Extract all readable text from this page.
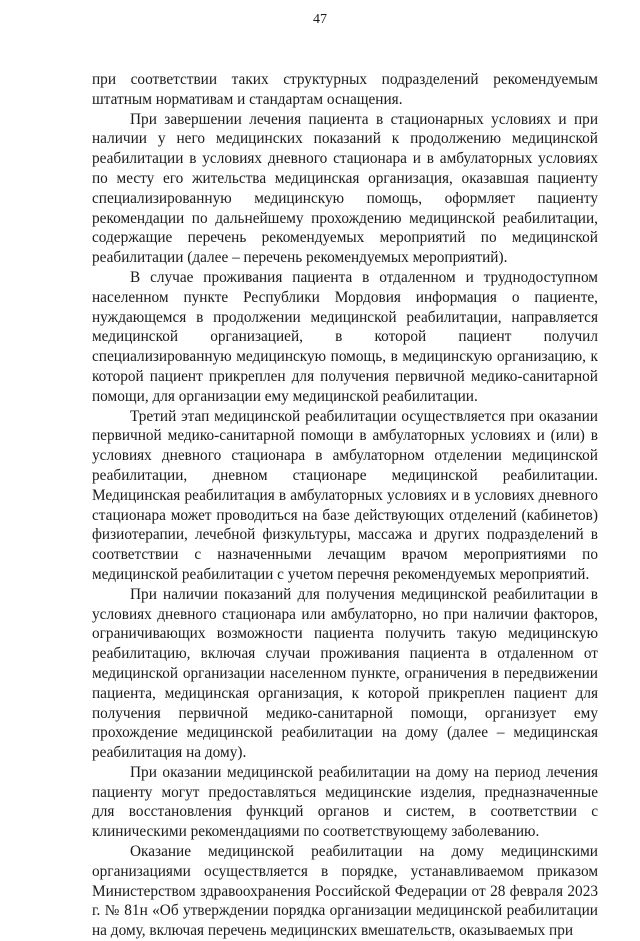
47

при соответствии таких структурных подразделений рекомендуемым штатным нормативам и стандартам оснащения.

При завершении лечения пациента в стационарных условиях и при наличии у него медицинских показаний к продолжению медицинской реабилитации в условиях дневного стационара и в амбулаторных условиях по месту его жительства медицинская организация, оказавшая пациенту специализированную медицинскую помощь, оформляет пациенту рекомендации по дальнейшему прохождению медицинской реабилитации, содержащие перечень рекомендуемых мероприятий по медицинской реабилитации (далее – перечень рекомендуемых мероприятий).

В случае проживания пациента в отдаленном и труднодоступном населенном пункте Республики Мордовия информация о пациенте, нуждающемся в продолжении медицинской реабилитации, направляется медицинской организацией, в которой пациент получил специализированную медицинскую помощь, в медицинскую организацию, к которой пациент прикреплен для получения первичной медико-санитарной помощи, для организации ему медицинской реабилитации.

Третий этап медицинской реабилитации осуществляется при оказании первичной медико-санитарной помощи в амбулаторных условиях и (или) в условиях дневного стационара в амбулаторном отделении медицинской реабилитации, дневном стационаре медицинской реабилитации. Медицинская реабилитация в амбулаторных условиях и в условиях дневного стационара может проводиться на базе действующих отделений (кабинетов) физиотерапии, лечебной физкультуры, массажа и других подразделений в соответствии с назначенными лечащим врачом мероприятиями по медицинской реабилитации с учетом перечня рекомендуемых мероприятий.

При наличии показаний для получения медицинской реабилитации в условиях дневного стационара или амбулаторно, но при наличии факторов, ограничивающих возможности пациента получить такую медицинскую реабилитацию, включая случаи проживания пациента в отдаленном от медицинской организации населенном пункте, ограничения в передвижении пациента, медицинская организация, к которой прикреплен пациент для получения первичной медико-санитарной помощи, организует ему прохождение медицинской реабилитации на дому (далее – медицинская реабилитация на дому).

При оказании медицинской реабилитации на дому на период лечения пациенту могут предоставляться медицинские изделия, предназначенные для восстановления функций органов и систем, в соответствии с клиническими рекомендациями по соответствующему заболеванию.

Оказание медицинской реабилитации на дому медицинскими организациями осуществляется в порядке, устанавливаемом приказом Министерством здравоохранения Российской Федерации от 28 февраля 2023 г. № 81н «Об утверждении порядка организации медицинской реабилитации на дому, включая перечень медицинских вмешательств, оказываемых при
